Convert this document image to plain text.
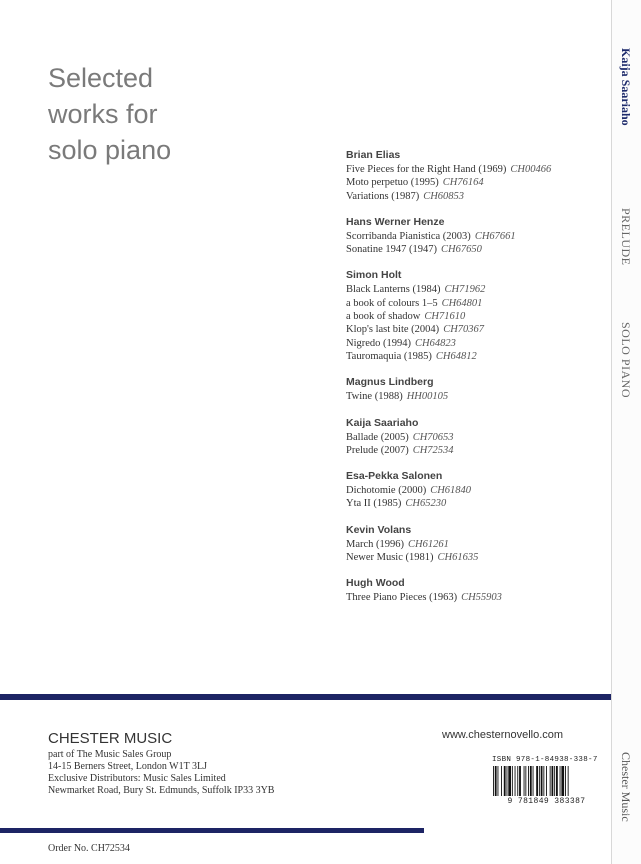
Selected
works for
solo piano	Brian Elias
Five Pieces for the Right Hand (1969) CH00466
Moto perpetuo (1995) CH76164
Variations (1987) CH60853
Hans Werner Henze
Scorribanda Pianistica (2003) CH67661
Sonatine 1947 (1947) CH67650
Simon Holt
Black Lanterns (1984) CH71962
a book of colours 1–5 CH64801
a book of shadow CH71610
Klop's last bite (2004) CH70367
Nigredo (1994) CH64823
Tauromaquia (1985) CH64812
Magnus Lindberg
Twine (1988) HH00105
Kaija Saariaho
Ballade (2005) CH70653
Prelude (2007) CH72534
Esa-Pekka Salonen
Dichotomie (2000) CH61840
Yta II (1985) CH65230
Kevin Volans
March (1996) CH61261
Newer Music (1981) CH61635
Hugh Wood
Three Piano Pieces (1963) CH55903
CHESTER MUSIC
part of The Music Sales Group
14-15 Berners Street, London W1T 3LJ
Exclusive Distributors: Music Sales Limited
Newmarket Road, Bury St. Edmunds, Suffolk IP33 3YB
www.chesternovello.com
ISBN 978-1-84938-338-7
9 781849 383387
Order No. CH72534
Kaija Saariaho
PRELUDE
SOLO PIANO
Chester Music
